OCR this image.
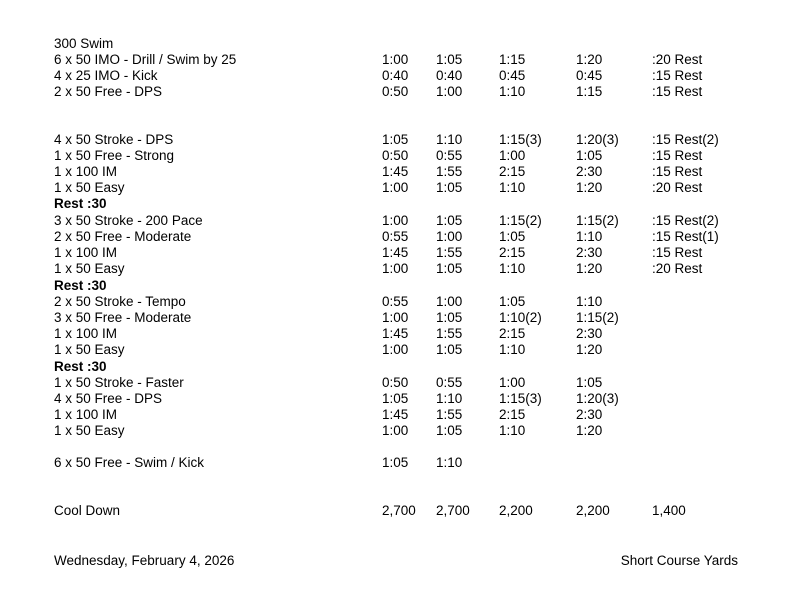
300 Swim
6 x 50 IMO - Drill / Swim by 25	1:00 1:05	1:15	1:20	:20 Rest
4 x 25 IMO - Kick	0:40 0:40	0:45	0:45	:15 Rest
2 x 50 Free - DPS	0:50 1:00	1:10	1:15	:15 Rest
4 x 50 Stroke - DPS	1:05 1:10	1:15(3)	1:20(3) :15 Rest(2)
1 x 50 Free - Strong	0:50 0:55	1:00	1:05	:15 Rest
1 x 100 IM	1:45 1:55	2:15	2:30	:15 Rest
1 x 50 Easy	1:00 1:05	1:10	1:20	:20 Rest
Rest :30
3 x 50 Stroke - 200 Pace	1:00 1:05	1:15(2)	1:15(2) :15 Rest(2)
2 x 50 Free - Moderate	0:55 1:00	1:05	1:10	:15 Rest(1)
1 x 100 IM	1:45 1:55	2:15	2:30	:15 Rest
1 x 50 Easy	1:00 1:05	1:10	1:20	:20 Rest
Rest :30
2 x 50 Stroke - Tempo	0:55 1:00	1:05	1:10
3 x 50 Free - Moderate	1:00 1:05	1:10(2)	1:15(2)
1 x 100 IM	1:45 1:55	2:15	2:30
1 x 50 Easy	1:00 1:05	1:10	1:20
Rest :30
1 x 50 Stroke - Faster	0:50 0:55	1:00	1:05
4 x 50 Free - DPS	1:05 1:10	1:15(3)	1:20(3)
1 x 100 IM	1:45 1:55	2:15	2:30
1 x 50 Easy	1:00 1:05	1:10	1:20
6 x 50 Free - Swim / Kick	1:05 1:10
Cool Down	2,700 2,700 2,200	2,200	1,400
Wednesday, February 4, 2026	Short Course Yards
